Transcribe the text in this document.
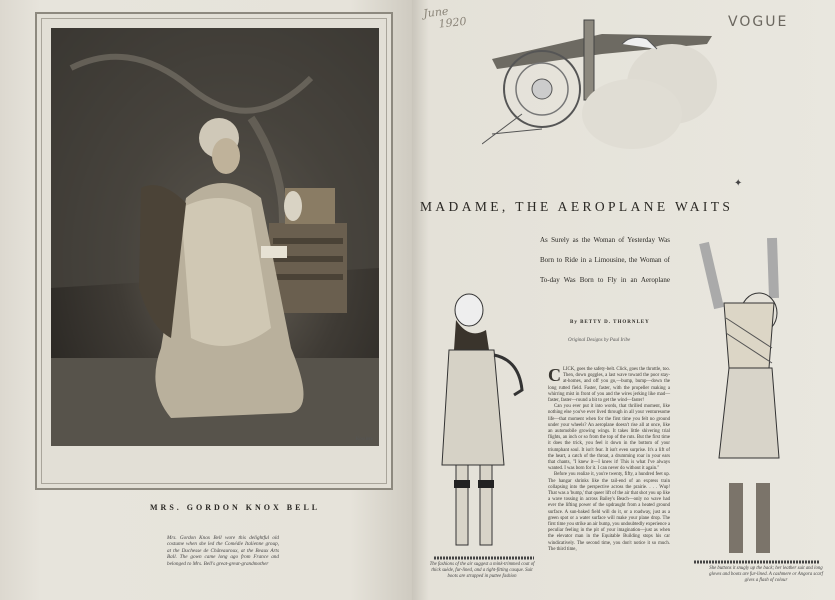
Kesslere
MRS. GORDON KNOX BELL
Mrs. Gordon Knox Bell wore this delightful old costume when she led the Comédie Italienne group, at the Duchesse de Châteauroux, at the Beaux Arts Ball. The gown came long ago from France and belonged to Mrs. Bell's great-great-grandmother
June
1920	VOGUE
✦
MADAME, THE AEROPLANE WAITS
As Surely as the Woman of Yesterday Was Born to Ride in a Limousine, the Woman of To-day Was Born to Fly in an Aeroplane
By BETTY D. THORNLEY
Original Designs by Paul Iribe
C LICK, goes the safety-belt. Click, goes the throttle, too. Then, down goggles, a last wave toward the poor stay-at-homes, and off you go,—bump, bump—down the long rutted field. Faster, faster, with the propeller making a whirring mist in front of you and the wires jerking like mad—faster, faster—round a bit to get the wind—faster!

Can you ever put it into words, that thrilled moment, like nothing else you've ever lived through in all your venturesome life—that moment when for the first time you felt no ground under your wheels? An aeroplane doesn't rise all at once, like an automobile growing wings. It takes little shivering trial flights, an inch or so from the top of the ruts. But the first time it does the trick, you feel it down in the bottom of your triumphant soul. It isn't fear. It isn't even surprise. It's a lift of the heart, a catch of the throat, a drumming roar in your ears that chants, "I knew it—I knew it! This is what I've always wanted. I was born for it. I can never do without it again."

Before you realize it, you're twenty, fifty, a hundred feet up. The hangar shrinks like the tail-end of an express train collapsing into the perspective across the prairie. . . . Wup! That was a 'bump,' that queer lift of the air that shot you up like a wave tossing in across Bailey's Beach—only no wave had ever the lifting power of the updraught from a heated ground surface. A sun-baked field will do it, or a roadway, just as a green spot or a water surface will make your plane drop. The first time you strike an air bump, you undoubtedly experience a peculiar feeling in the pit of your imagination—just as when the elevator man in the Equitable Building stops his car windicatively. The second time, you don't notice it so much. The third time,

The fashions of the air suggest a mink-trimmed coat of thick suède, fur-lined, and a tight-fitting casque. Suit boots are strapped in puttee fashion
She buttons it snugly up the back; her leather suit and long gloves and boots are fur-lined. A cashmere or Angora scarf gives a flash of colour
